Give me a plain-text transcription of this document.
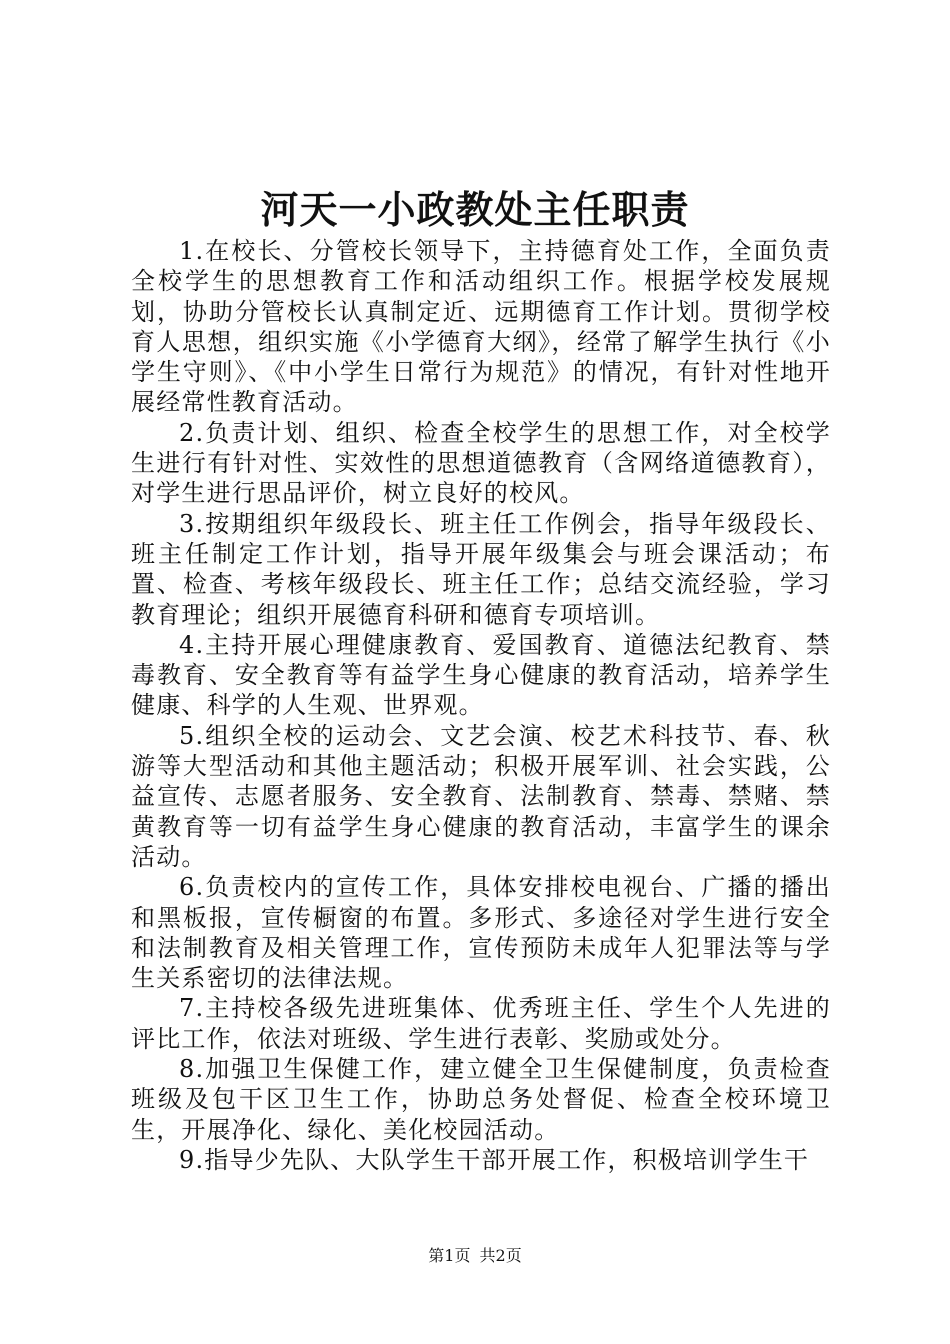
河天一小政教处主任职责

1.在校长、分管校长领导下，主持德育处工作，全面负责全校学生的思想教育工作和活动组织工作。根据学校发展规划，协助分管校长认真制定近、远期德育工作计划。贯彻学校育人思想，组织实施《小学德育大纲》，经常了解学生执行《小学生守则》、《中小学生日常行为规范》的情况，有针对性地开展经常性教育活动。

2.负责计划、组织、检查全校学生的思想工作，对全校学生进行有针对性、实效性的思想道德教育（含网络道德教育），对学生进行思品评价，树立良好的校风。

3.按期组织年级段长、班主任工作例会，指导年级段长、班主任制定工作计划，指导开展年级集会与班会课活动；布置、检查、考核年级段长、班主任工作；总结交流经验，学习教育理论；组织开展德育科研和德育专项培训。

4.主持开展心理健康教育、爱国教育、道德法纪教育、禁毒教育、安全教育等有益学生身心健康的教育活动，培养学生健康、科学的人生观、世界观。

5.组织全校的运动会、文艺会演、校艺术科技节、春、秋游等大型活动和其他主题活动；积极开展军训、社会实践，公益宣传、志愿者服务、安全教育、法制教育、禁毒、禁赌、禁黄教育等一切有益学生身心健康的教育活动，丰富学生的课余活动。

6.负责校内的宣传工作，具体安排校电视台、广播的播出和黑板报，宣传橱窗的布置。多形式、多途径对学生进行安全和法制教育及相关管理工作，宣传预防未成年人犯罪法等与学生关系密切的法律法规。

7.主持校各级先进班集体、优秀班主任、学生个人先进的评比工作，依法对班级、学生进行表彰、奖励或处分。

8.加强卫生保健工作，建立健全卫生保健制度，负责检查班级及包干区卫生工作，协助总务处督促、检查全校环境卫生，开展净化、绿化、美化校园活动。

9.指导少先队、大队学生干部开展工作，积极培训学生干

第1页 共2页
